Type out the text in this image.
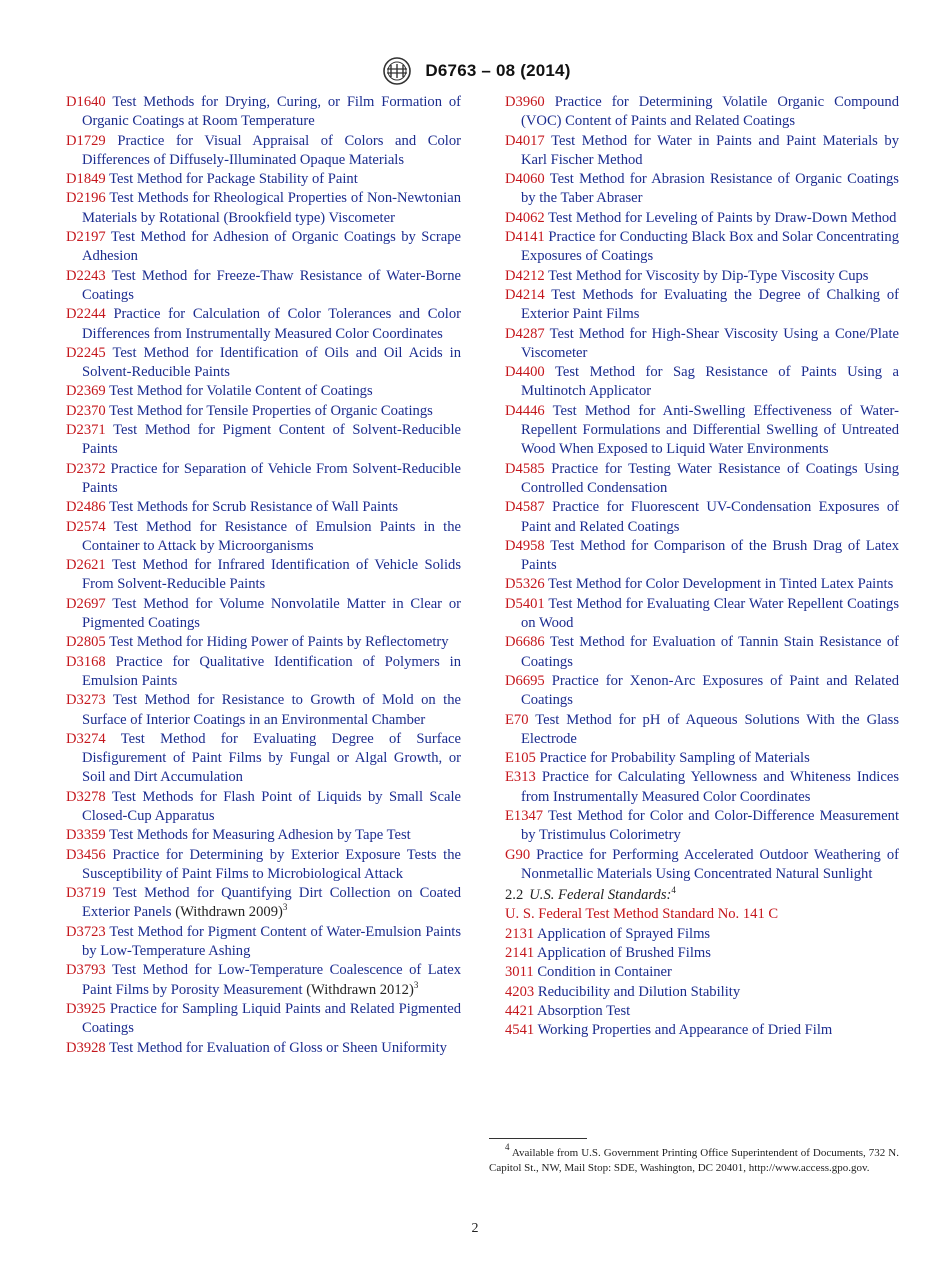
D6763 – 08 (2014)
D1640 Test Methods for Drying, Curing, or Film Formation of Organic Coatings at Room Temperature
D1729 Practice for Visual Appraisal of Colors and Color Differences of Diffusely-Illuminated Opaque Materials
D1849 Test Method for Package Stability of Paint
D2196 Test Methods for Rheological Properties of Non-Newtonian Materials by Rotational (Brookfield type) Viscometer
D2197 Test Method for Adhesion of Organic Coatings by Scrape Adhesion
D2243 Test Method for Freeze-Thaw Resistance of Water-Borne Coatings
D2244 Practice for Calculation of Color Tolerances and Color Differences from Instrumentally Measured Color Coordinates
D2245 Test Method for Identification of Oils and Oil Acids in Solvent-Reducible Paints
D2369 Test Method for Volatile Content of Coatings
D2370 Test Method for Tensile Properties of Organic Coatings
D2371 Test Method for Pigment Content of Solvent-Reducible Paints
D2372 Practice for Separation of Vehicle From Solvent-Reducible Paints
D2486 Test Methods for Scrub Resistance of Wall Paints
D2574 Test Method for Resistance of Emulsion Paints in the Container to Attack by Microorganisms
D2621 Test Method for Infrared Identification of Vehicle Solids From Solvent-Reducible Paints
D2697 Test Method for Volume Nonvolatile Matter in Clear or Pigmented Coatings
D2805 Test Method for Hiding Power of Paints by Reflectometry
D3168 Practice for Qualitative Identification of Polymers in Emulsion Paints
D3273 Test Method for Resistance to Growth of Mold on the Surface of Interior Coatings in an Environmental Chamber
D3274 Test Method for Evaluating Degree of Surface Disfigurement of Paint Films by Fungal or Algal Growth, or Soil and Dirt Accumulation
D3278 Test Methods for Flash Point of Liquids by Small Scale Closed-Cup Apparatus
D3359 Test Methods for Measuring Adhesion by Tape Test
D3456 Practice for Determining by Exterior Exposure Tests the Susceptibility of Paint Films to Microbiological Attack
D3719 Test Method for Quantifying Dirt Collection on Coated Exterior Panels (Withdrawn 2009)$^3$
D3723 Test Method for Pigment Content of Water-Emulsion Paints by Low-Temperature Ashing
D3793 Test Method for Low-Temperature Coalescence of Latex Paint Films by Porosity Measurement (Withdrawn 2012)$^3$
D3925 Practice for Sampling Liquid Paints and Related Pigmented Coatings
D3928 Test Method for Evaluation of Gloss or Sheen Uniformity
D3960 Practice for Determining Volatile Organic Compound (VOC) Content of Paints and Related Coatings
D4017 Test Method for Water in Paints and Paint Materials by Karl Fischer Method
D4060 Test Method for Abrasion Resistance of Organic Coatings by the Taber Abraser
D4062 Test Method for Leveling of Paints by Draw-Down Method
D4141 Practice for Conducting Black Box and Solar Concentrating Exposures of Coatings
D4212 Test Method for Viscosity by Dip-Type Viscosity Cups
D4214 Test Methods for Evaluating the Degree of Chalking of Exterior Paint Films
D4287 Test Method for High-Shear Viscosity Using a Cone/Plate Viscometer
D4400 Test Method for Sag Resistance of Paints Using a Multinotch Applicator
D4446 Test Method for Anti-Swelling Effectiveness of Water-Repellent Formulations and Differential Swelling of Untreated Wood When Exposed to Liquid Water Environments
D4585 Practice for Testing Water Resistance of Coatings Using Controlled Condensation
D4587 Practice for Fluorescent UV-Condensation Exposures of Paint and Related Coatings
D4958 Test Method for Comparison of the Brush Drag of Latex Paints
D5326 Test Method for Color Development in Tinted Latex Paints
D5401 Test Method for Evaluating Clear Water Repellent Coatings on Wood
D6686 Test Method for Evaluation of Tannin Stain Resistance of Coatings
D6695 Practice for Xenon-Arc Exposures of Paint and Related Coatings
E70 Test Method for pH of Aqueous Solutions With the Glass Electrode
E105 Practice for Probability Sampling of Materials
E313 Practice for Calculating Yellowness and Whiteness Indices from Instrumentally Measured Color Coordinates
E1347 Test Method for Color and Color-Difference Measurement by Tristimulus Colorimetry
G90 Practice for Performing Accelerated Outdoor Weathering of Nonmetallic Materials Using Concentrated Natural Sunlight
2.2 U.S. Federal Standards:$^4$
U. S. Federal Test Method Standard No. 141 C
2131 Application of Sprayed Films
2141 Application of Brushed Films
3011 Condition in Container
4203 Reducibility and Dilution Stability
4421 Absorption Test
4541 Working Properties and Appearance of Dried Film
$^4$ Available from U.S. Government Printing Office Superintendent of Documents, 732 N. Capitol St., NW, Mail Stop: SDE, Washington, DC 20401, http://www.access.gpo.gov.
2
